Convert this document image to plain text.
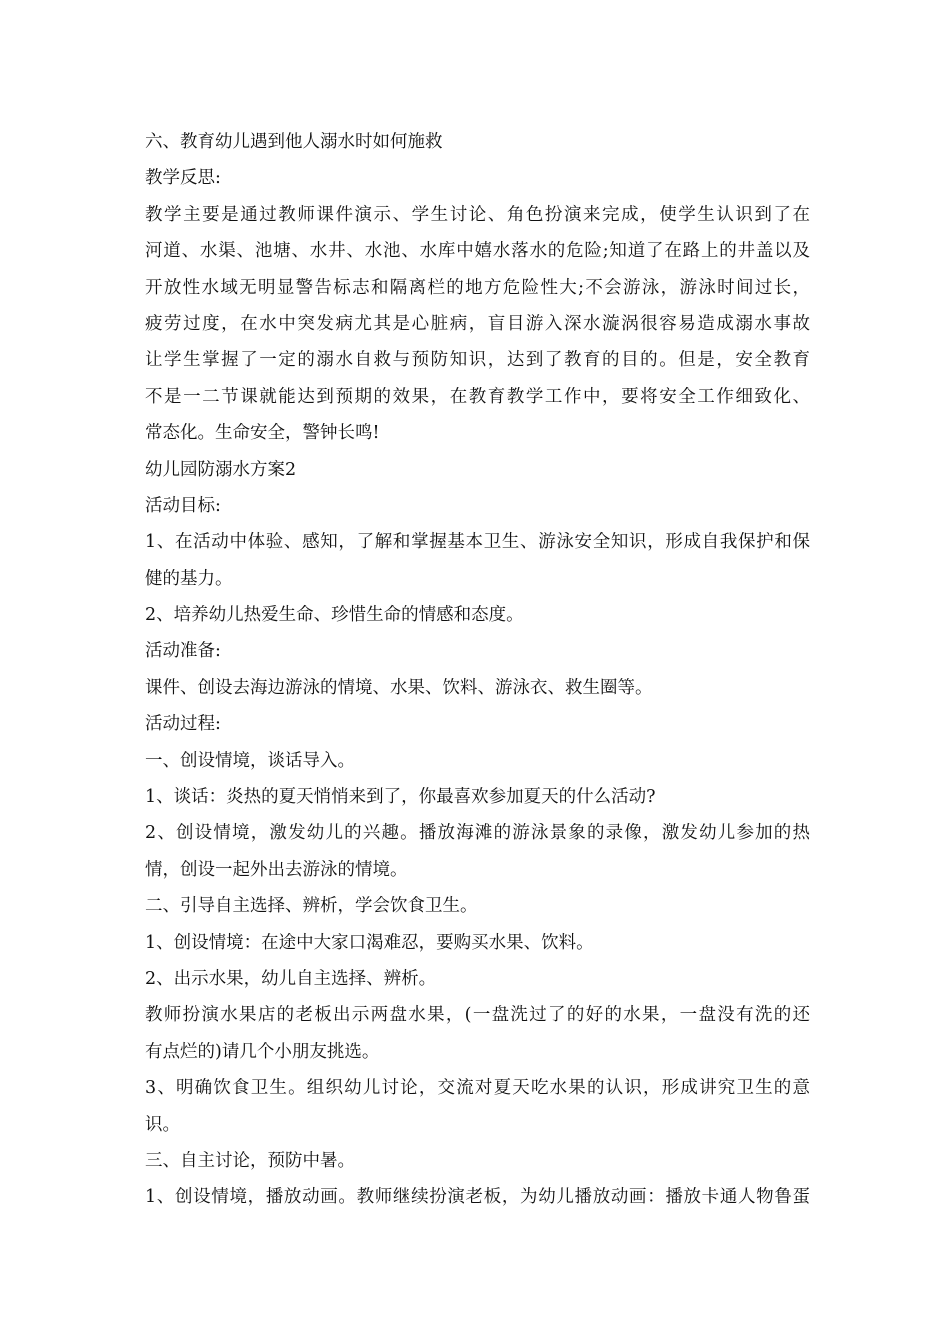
六、教育幼儿遇到他人溺水时如何施救
教学反思:
教学主要是通过教师课件演示、学生讨论、角色扮演来完成，使学生认识到了在
河道、水渠、池塘、水井、水池、水库中嬉水落水的危险;知道了在路上的井盖以及
开放性水域无明显警告标志和隔离栏的地方危险性大;不会游泳，游泳时间过长，
疲劳过度，在水中突发病尤其是心脏病，盲目游入深水漩涡很容易造成溺水事故
让学生掌握了一定的溺水自救与预防知识，达到了教育的目的。但是，安全教育
不是一二节课就能达到预期的效果，在教育教学工作中，要将安全工作细致化、
常态化。生命安全，警钟长鸣!
幼儿园防溺水方案2
活动目标:
1、在活动中体验、感知，了解和掌握基本卫生、游泳安全知识，形成自我保护和保
健的基力。
2、培养幼儿热爱生命、珍惜生命的情感和态度。
活动准备:
课件、创设去海边游泳的情境、水果、饮料、游泳衣、救生圈等。
活动过程:
一、创设情境，谈话导入。
1、谈话：炎热的夏天悄悄来到了，你最喜欢参加夏天的什么活动?
2、创设情境，激发幼儿的兴趣。播放海滩的游泳景象的录像，激发幼儿参加的热
情，创设一起外出去游泳的情境。
二、引导自主选择、辨析，学会饮食卫生。
1、创设情境：在途中大家口渴难忍，要购买水果、饮料。
2、出示水果，幼儿自主选择、辨析。
教师扮演水果店的老板出示两盘水果，(一盘洗过了的好的水果，一盘没有洗的还
有点烂的)请几个小朋友挑选。
3、明确饮食卫生。组织幼儿讨论，交流对夏天吃水果的认识，形成讲究卫生的意
识。
三、自主讨论，预防中暑。
1、创设情境，播放动画。教师继续扮演老板，为幼儿播放动画：播放卡通人物鲁蛋
